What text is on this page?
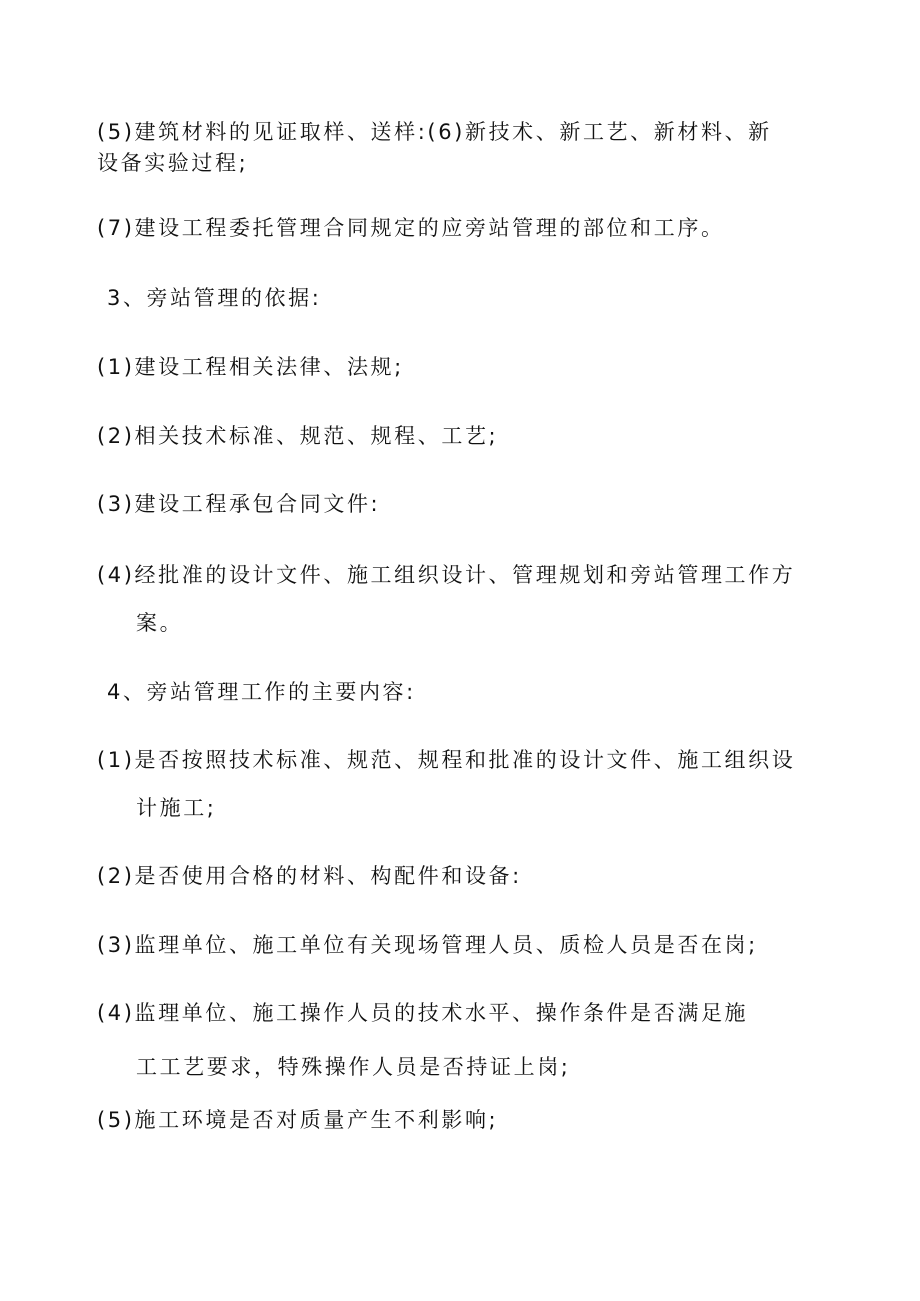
(5)建筑材料的见证取样、送样:(6)新技术、新工艺、新材料、新
设备实验过程;
(7)建设工程委托管理合同规定的应旁站管理的部位和工序。
3、旁站管理的依据:
(1)建设工程相关法律、法规;
(2)相关技术标准、规范、规程、工艺;
(3)建设工程承包合同文件:
(4)经批准的设计文件、施工组织设计、管理规划和旁站管理工作方
案。
4、旁站管理工作的主要内容:
(1)是否按照技术标准、规范、规程和批准的设计文件、施工组织设
计施工;
(2)是否使用合格的材料、构配件和设备:
(3)监理单位、施工单位有关现场管理人员、质检人员是否在岗;
(4)监理单位、施工操作人员的技术水平、操作条件是否满足施
工工艺要求，特殊操作人员是否持证上岗;
(5)施工环境是否对质量产生不利影响;
